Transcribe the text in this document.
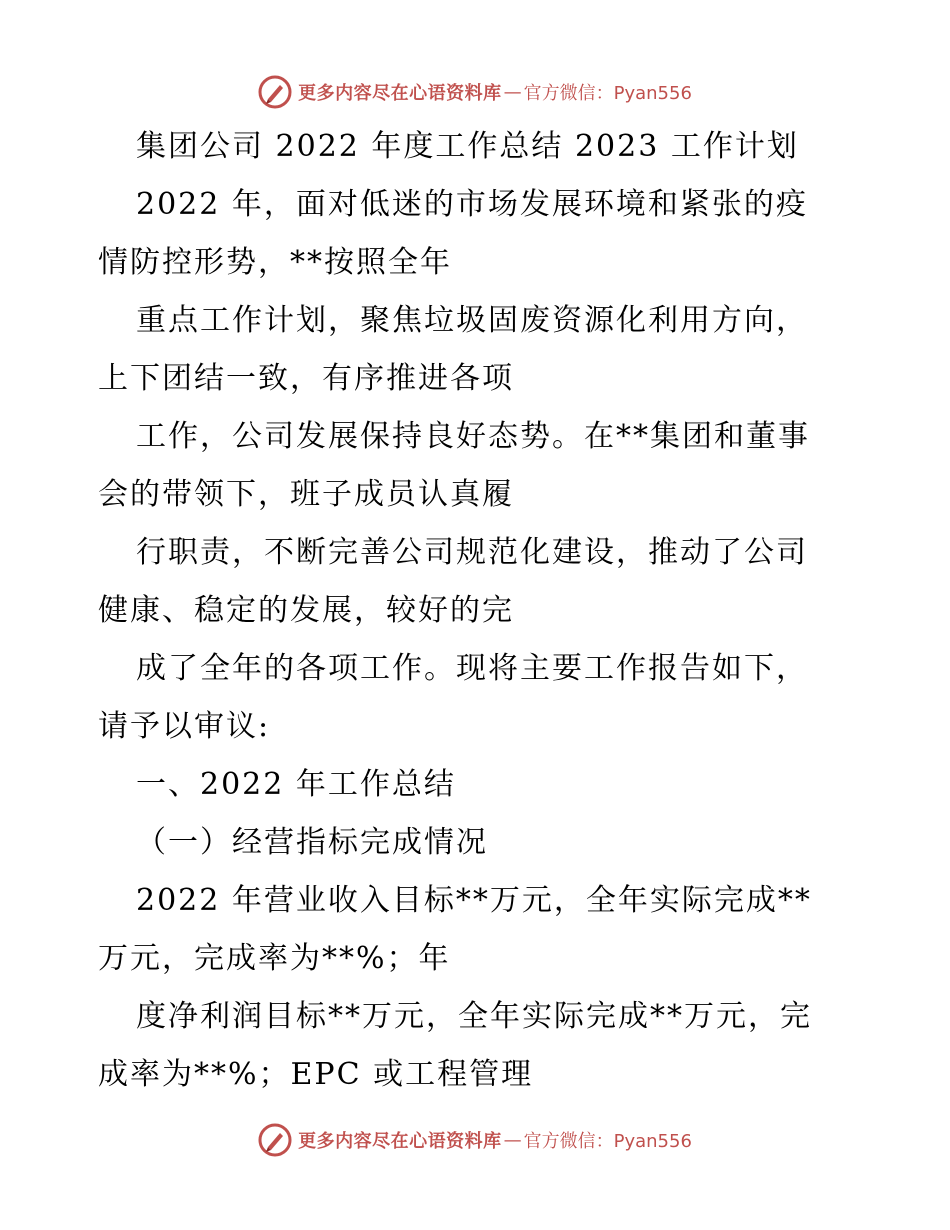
更多内容尽在心语资料库 — 官方微信：Pyan556

集团公司 2022 年度工作总结 2023 工作计划

2022 年，面对低迷的市场发展环境和紧张的疫

情防控形势，**按照全年

重点工作计划，聚焦垃圾固废资源化利用方向，

上下团结一致，有序推进各项

工作，公司发展保持良好态势。在**集团和董事

会的带领下，班子成员认真履

行职责，不断完善公司规范化建设，推动了公司

健康、稳定的发展，较好的完

成了全年的各项工作。现将主要工作报告如下，

请予以审议:

一、2022 年工作总结

（一）经营指标完成情况

2022 年营业收入目标**万元，全年实际完成**

万元，完成率为**%；年

度净利润目标**万元，全年实际完成**万元，完

成率为**%；EPC 或工程管理

更多内容尽在心语资料库 — 官方微信：Pyan556
